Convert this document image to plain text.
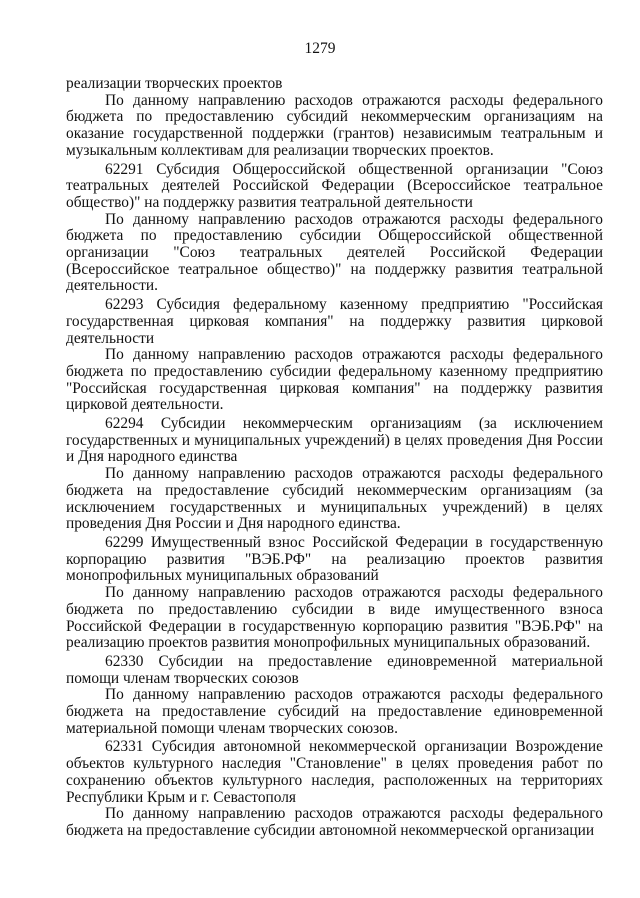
1279

реализации творческих проектов

По данному направлению расходов отражаются расходы федерального бюджета по предоставлению субсидий некоммерческим организациям на оказание государственной поддержки (грантов) независимым театральным и музыкальным коллективам для реализации творческих проектов.

62291 Субсидия Общероссийской общественной организации "Союз театральных деятелей Российской Федерации (Всероссийское театральное общество)" на поддержку развития театральной деятельности

По данному направлению расходов отражаются расходы федерального бюджета по предоставлению субсидии Общероссийской общественной организации "Союз театральных деятелей Российской Федерации (Всероссийское театральное общество)" на поддержку развития театральной деятельности.

62293 Субсидия федеральному казенному предприятию "Российская государственная цирковая компания" на поддержку развития цирковой деятельности

По данному направлению расходов отражаются расходы федерального бюджета по предоставлению субсидии федеральному казенному предприятию "Российская государственная цирковая компания" на поддержку развития цирковой деятельности.

62294 Субсидии некоммерческим организациям (за исключением государственных и муниципальных учреждений) в целях проведения Дня России и Дня народного единства

По данному направлению расходов отражаются расходы федерального бюджета на предоставление субсидий некоммерческим организациям (за исключением государственных и муниципальных учреждений) в целях проведения Дня России и Дня народного единства.

62299 Имущественный взнос Российской Федерации в государственную корпорацию развития "ВЭБ.РФ" на реализацию проектов развития монопрофильных муниципальных образований

По данному направлению расходов отражаются расходы федерального бюджета по предоставлению субсидии в виде имущественного взноса Российской Федерации в государственную корпорацию развития "ВЭБ.РФ" на реализацию проектов развития монопрофильных муниципальных образований.

62330 Субсидии на предоставление единовременной материальной помощи членам творческих союзов

По данному направлению расходов отражаются расходы федерального бюджета на предоставление субсидий на предоставление единовременной материальной помощи членам творческих союзов.

62331 Субсидия автономной некоммерческой организации Возрождение объектов культурного наследия "Становление" в целях проведения работ по сохранению объектов культурного наследия, расположенных на территориях Республики Крым и г. Севастополя

По данному направлению расходов отражаются расходы федерального бюджета на предоставление субсидии автономной некоммерческой организации
